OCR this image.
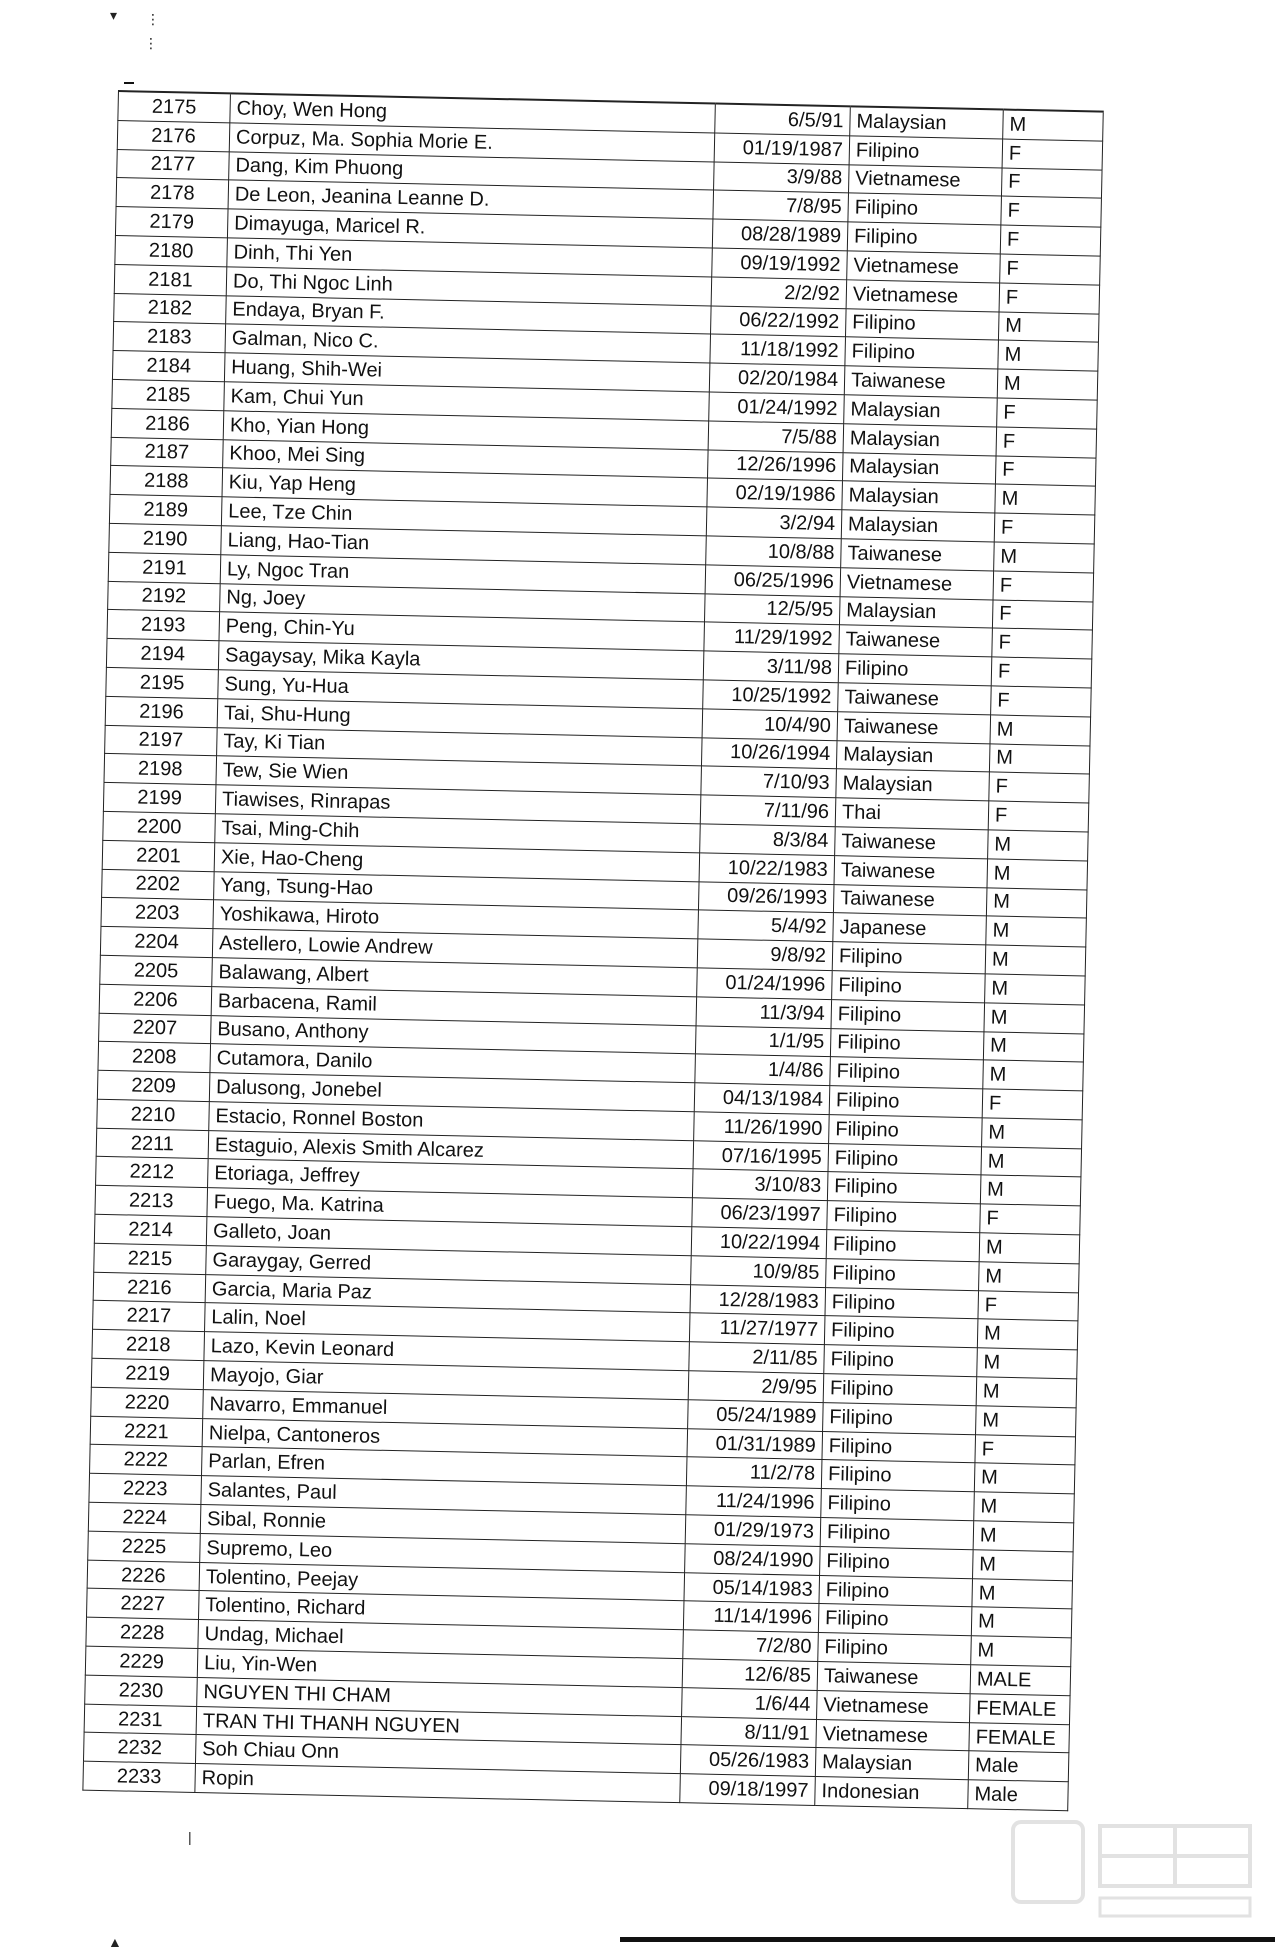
▾ ⋮
⋮
2175	Choy, Wen Hong	6/5/91	Malaysian	M
2176	Corpuz, Ma. Sophia Morie E.	01/19/1987	Filipino	F
2177	Dang, Kim Phuong	3/9/88	Vietnamese	F
2178	De Leon, Jeanina Leanne D.	7/8/95	Filipino	F
2179	Dimayuga, Maricel R.	08/28/1989	Filipino	F
2180	Dinh, Thi Yen	09/19/1992	Vietnamese	F
2181	Do, Thi Ngoc Linh	2/2/92	Vietnamese	F
2182	Endaya, Bryan F.	06/22/1992	Filipino	M
2183	Galman, Nico C.	11/18/1992	Filipino	M
2184	Huang, Shih-Wei	02/20/1984	Taiwanese	M
2185	Kam, Chui Yun	01/24/1992	Malaysian	F
2186	Kho, Yian Hong	7/5/88	Malaysian	F
2187	Khoo, Mei Sing	12/26/1996	Malaysian	F
2188	Kiu, Yap Heng	02/19/1986	Malaysian	M
2189	Lee, Tze Chin	3/2/94	Malaysian	F
2190	Liang, Hao-Tian	10/8/88	Taiwanese	M
2191	Ly, Ngoc Tran	06/25/1996	Vietnamese	F
2192	Ng, Joey	12/5/95	Malaysian	F
2193	Peng, Chin-Yu	11/29/1992	Taiwanese	F
2194	Sagaysay, Mika Kayla	3/11/98	Filipino	F
2195	Sung, Yu-Hua	10/25/1992	Taiwanese	F
2196	Tai, Shu-Hung	10/4/90	Taiwanese	M
2197	Tay, Ki Tian	10/26/1994	Malaysian	M
2198	Tew, Sie Wien	7/10/93	Malaysian	F
2199	Tiawises, Rinrapas	7/11/96	Thai	F
2200	Tsai, Ming-Chih	8/3/84	Taiwanese	M
2201	Xie, Hao-Cheng	10/22/1983	Taiwanese	M
2202	Yang, Tsung-Hao	09/26/1993	Taiwanese	M
2203	Yoshikawa, Hiroto	5/4/92	Japanese	M
2204	Astellero, Lowie Andrew	9/8/92	Filipino	M
2205	Balawang, Albert	01/24/1996	Filipino	M
2206	Barbacena, Ramil	11/3/94	Filipino	M
2207	Busano, Anthony	1/1/95	Filipino	M
2208	Cutamora, Danilo	1/4/86	Filipino	M
2209	Dalusong, Jonebel	04/13/1984	Filipino	F
2210	Estacio, Ronnel Boston	11/26/1990	Filipino	M
2211	Estaguio, Alexis Smith Alcarez	07/16/1995	Filipino	M
2212	Etoriaga, Jeffrey	3/10/83	Filipino	M
2213	Fuego, Ma. Katrina	06/23/1997	Filipino	F
2214	Galleto, Joan	10/22/1994	Filipino	M
2215	Garaygay, Gerred	10/9/85	Filipino	M
2216	Garcia, Maria Paz	12/28/1983	Filipino	F
2217	Lalin, Noel	11/27/1977	Filipino	M
2218	Lazo, Kevin Leonard	2/11/85	Filipino	M
2219	Mayojo, Giar	2/9/95	Filipino	M
2220	Navarro, Emmanuel	05/24/1989	Filipino	M
2221	Nielpa, Cantoneros	01/31/1989	Filipino	F
2222	Parlan, Efren	11/2/78	Filipino	M
2223	Salantes, Paul	11/24/1996	Filipino	M
2224	Sibal, Ronnie	01/29/1973	Filipino	M
2225	Supremo, Leo	08/24/1990	Filipino	M
2226	Tolentino, Peejay	05/14/1983	Filipino	M
2227	Tolentino, Richard	11/14/1996	Filipino	M
2228	Undag, Michael	7/2/80	Filipino	M
2229	Liu, Yin-Wen	12/6/85	Taiwanese	MALE
2230	NGUYEN THI CHAM	1/6/44	Vietnamese	FEMALE
2231	TRAN THI THANH NGUYEN	8/11/91	Vietnamese	FEMALE
2232	Soh Chiau Onn	05/26/1983	Malaysian	Male
2233	Ropin	09/18/1997	Indonesian	Male
|
▲
